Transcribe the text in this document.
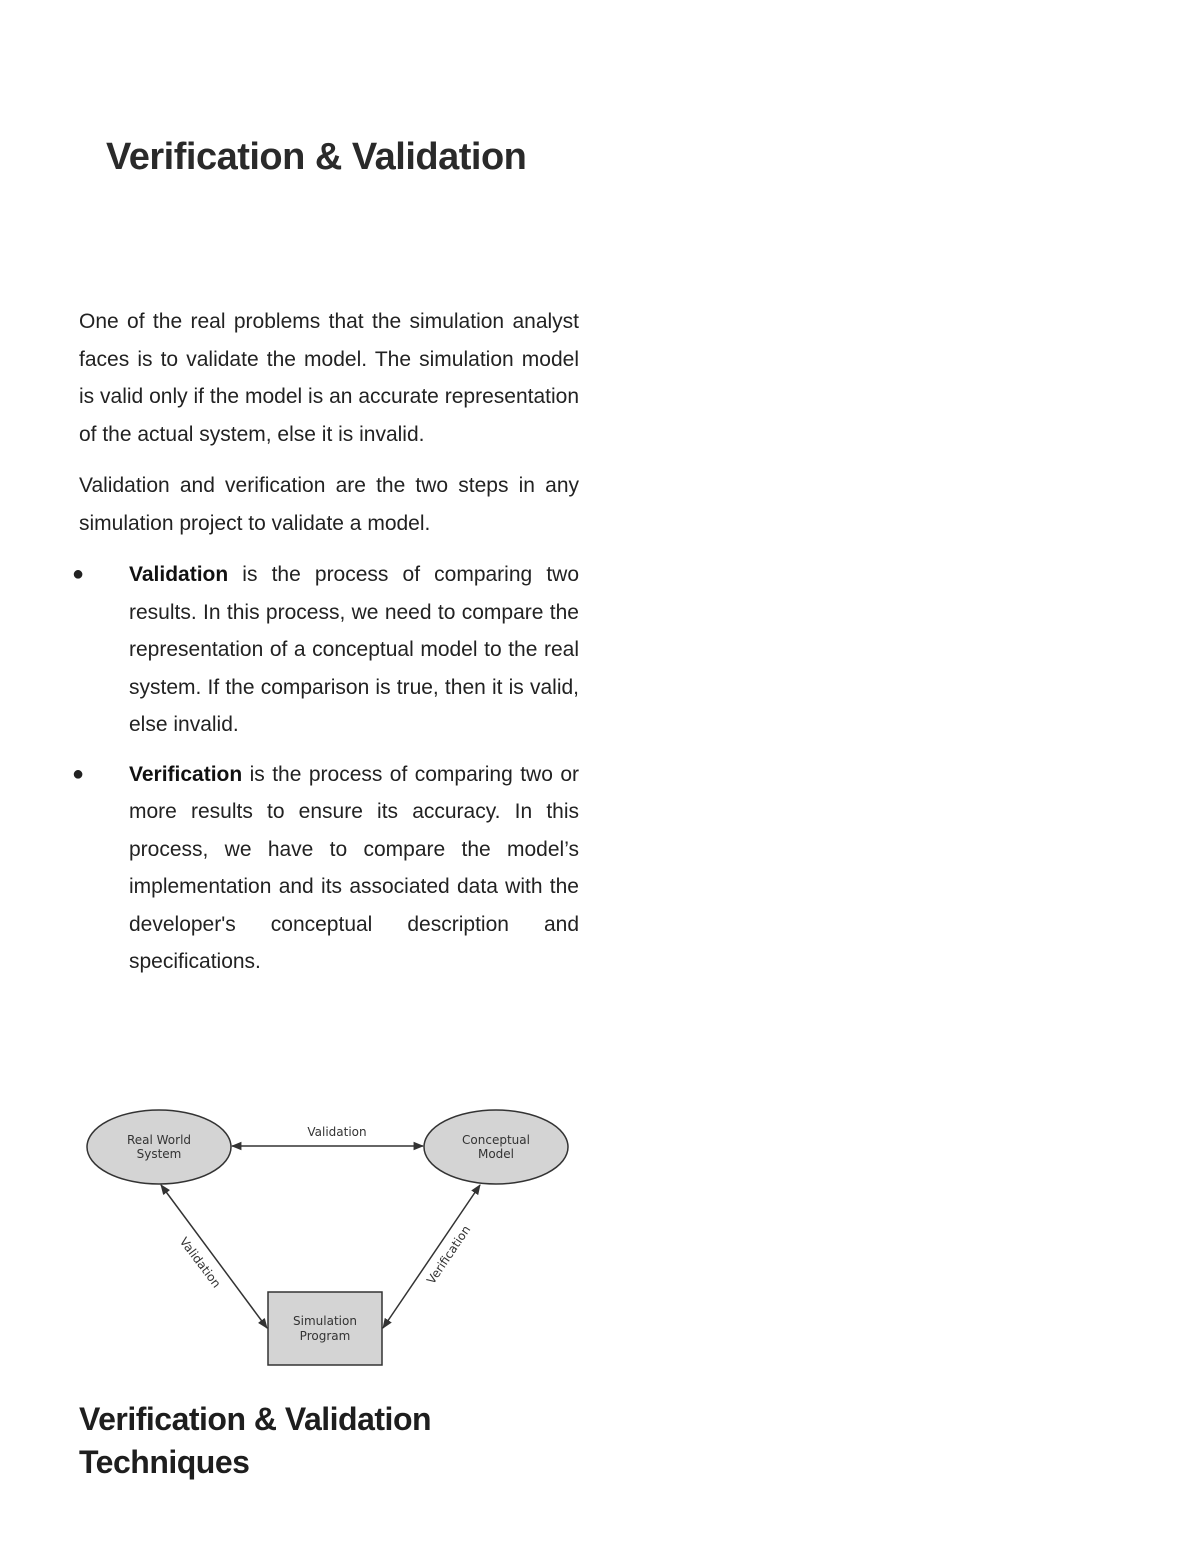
Verification & Validation

One of the real problems that the simulation analyst faces is to validate the model. The simulation model is valid only if the model is an accurate representation of the actual system, else it is invalid.

Validation and verification are the two steps in any simulation project to validate a model.

● Validation is the process of comparing two results. In this process, we need to compare the representation of a conceptual model to the real system. If the comparison is true, then it is valid, else invalid.
● Verification is the process of comparing two or more results to ensure its accuracy. In this process, we have to compare the model’s implementation and its associated data with the developer's conceptual description and specifications.
Real World
System
Conceptual
Model
Simulation
Program
Validation
Validation	Verification
Verification & Validation Techniques
